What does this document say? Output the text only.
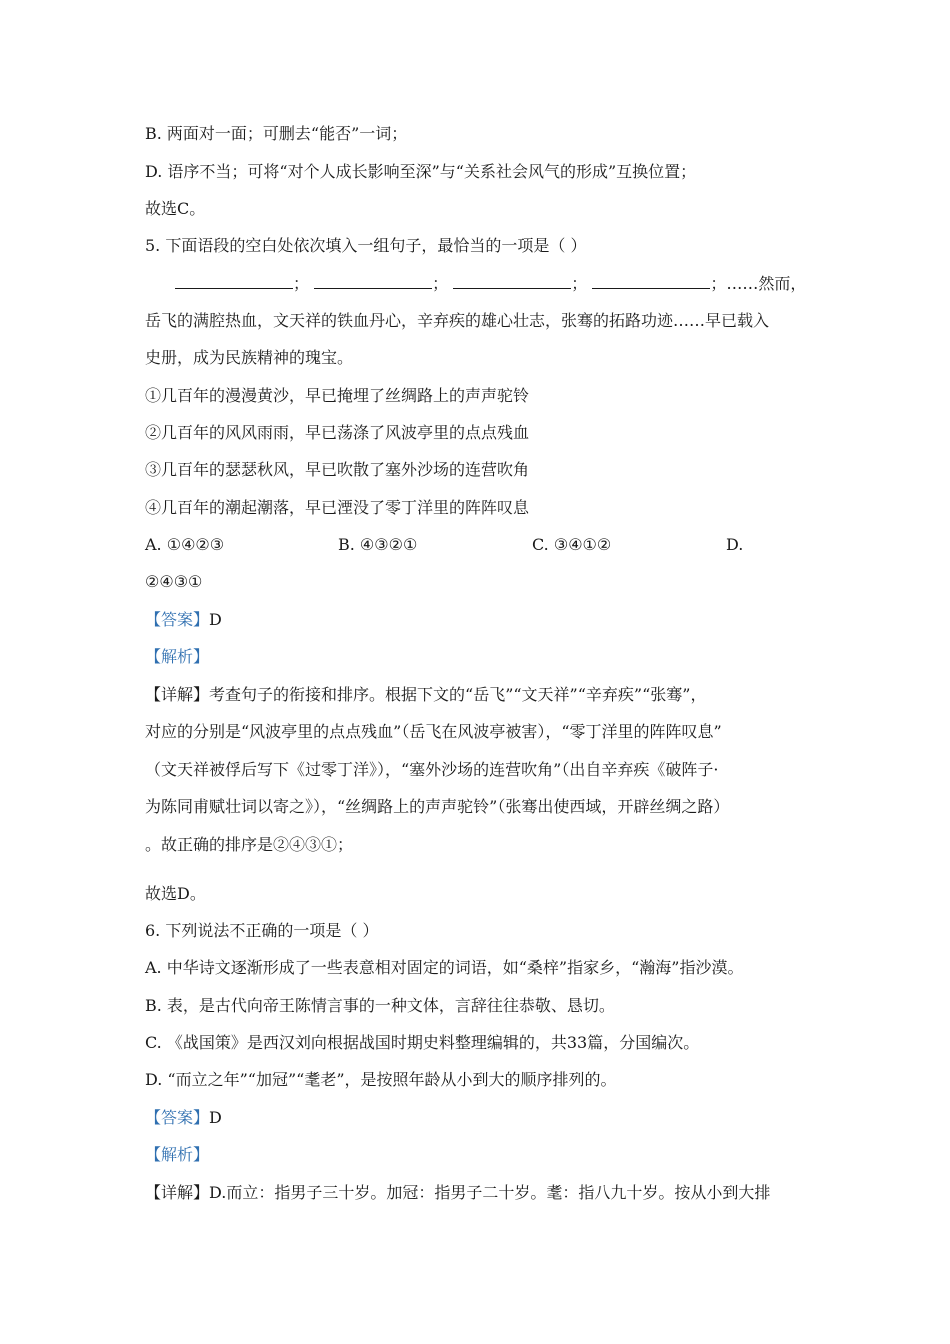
B. 两面对一面；可删去“能否”一词；
D. 语序不当；可将“对个人成长影响至深”与“关系社会风气的形成”互换位置；
故选C。
5. 下面语段的空白处依次填入一组句子，最恰当的一项是（ ）
；	；	；	；……然而，
岳飞的满腔热血，文天祥的铁血丹心，辛弃疾的雄心壮志，张骞的拓路功迹……早已载入
史册，成为民族精神的瑰宝。
①几百年的漫漫黄沙，早已掩埋了丝绸路上的声声驼铃
②几百年的风风雨雨，早已荡涤了风波亭里的点点残血
③几百年的瑟瑟秋风，早已吹散了塞外沙场的连营吹角
④几百年的潮起潮落，早已湮没了零丁洋里的阵阵叹息
A. ①④②③	B. ④③②①	C. ③④①②	D.
②④③①
【答案】D
【解析】
【详解】考查句子的衔接和排序。根据下文的“岳飞”“文天祥”“辛弃疾”“张骞”，
对应的分别是“风波亭里的点点残血”（岳飞在风波亭被害），“零丁洋里的阵阵叹息”
（文天祥被俘后写下《过零丁洋》），“塞外沙场的连营吹角”（出自辛弃疾《破阵子·
为陈同甫赋壮词以寄之》），“丝绸路上的声声驼铃”（张骞出使西域，开辟丝绸之路）
。故正确的排序是②④③①；
故选D。
6. 下列说法不正确的一项是（ ）
A. 中华诗文逐渐形成了一些表意相对固定的词语，如“桑梓”指家乡，“瀚海”指沙漠。
B. 表，是古代向帝王陈情言事的一种文体，言辞往往恭敬、恳切。
C. 《战国策》是西汉刘向根据战国时期史料整理编辑的，共33篇，分国编次。
D. “而立之年”“加冠”“耄老”，是按照年龄从小到大的顺序排列的。
【答案】D
【解析】
【详解】D.而立：指男子三十岁。加冠：指男子二十岁。耄：指八九十岁。按从小到大排
